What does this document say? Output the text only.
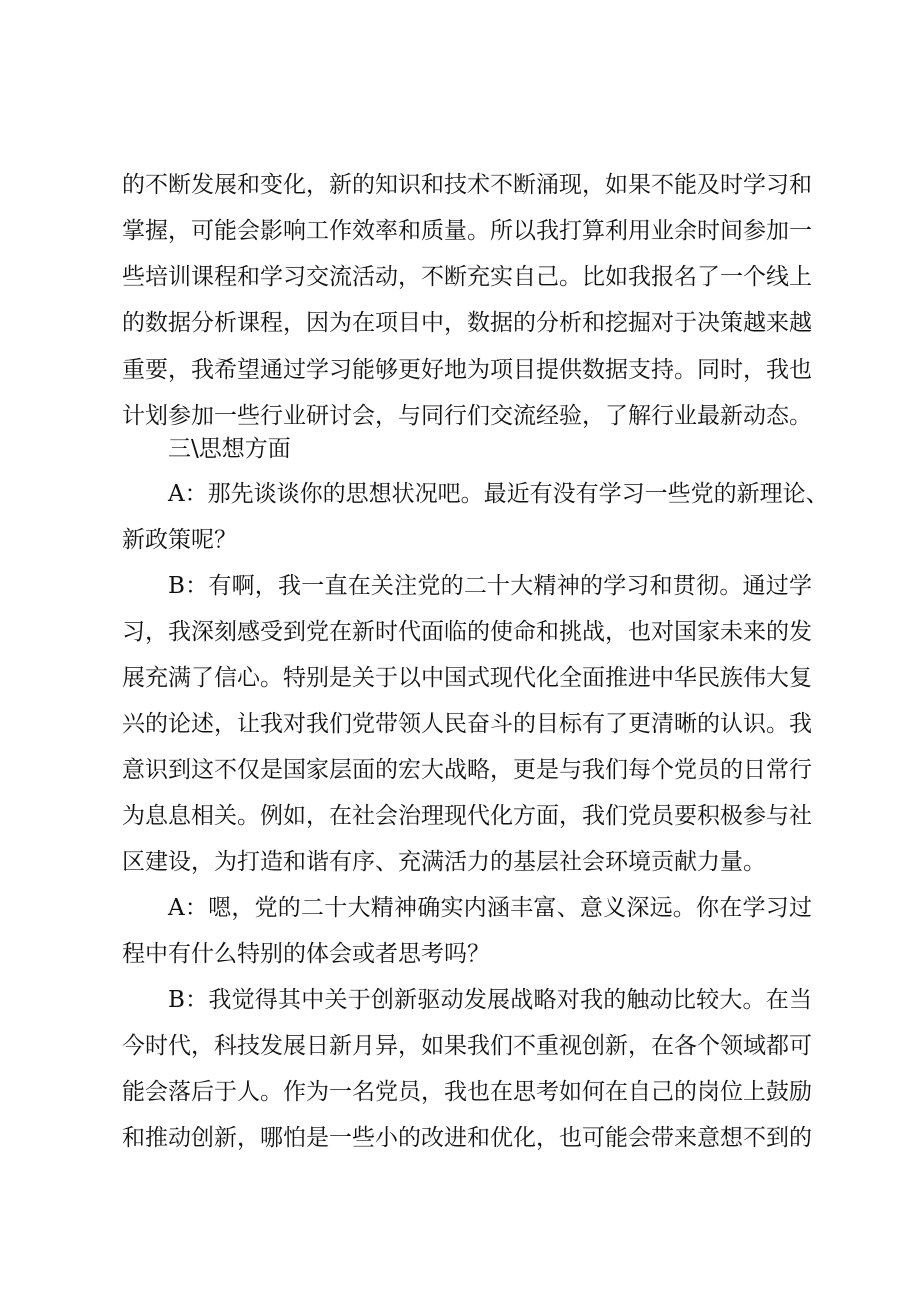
的不断发展和变化，新的知识和技术不断涌现，如果不能及时学习和
掌握，可能会影响工作效率和质量。所以我打算利用业余时间参加一
些培训课程和学习交流活动，不断充实自己。比如我报名了一个线上
的数据分析课程，因为在项目中，数据的分析和挖掘对于决策越来越
重要，我希望通过学习能够更好地为项目提供数据支持。同时，我也
计划参加一些行业研讨会，与同行们交流经验，了解行业最新动态。
三\思想方面
A：那先谈谈你的思想状况吧。最近有没有学习一些党的新理论、
新政策呢？
B：有啊，我一直在关注党的二十大精神的学习和贯彻。通过学
习，我深刻感受到党在新时代面临的使命和挑战，也对国家未来的发
展充满了信心。特别是关于以中国式现代化全面推进中华民族伟大复
兴的论述，让我对我们党带领人民奋斗的目标有了更清晰的认识。我
意识到这不仅是国家层面的宏大战略，更是与我们每个党员的日常行
为息息相关。例如，在社会治理现代化方面，我们党员要积极参与社
区建设，为打造和谐有序、充满活力的基层社会环境贡献力量。
A：嗯，党的二十大精神确实内涵丰富、意义深远。你在学习过
程中有什么特别的体会或者思考吗？
B：我觉得其中关于创新驱动发展战略对我的触动比较大。在当
今时代，科技发展日新月异，如果我们不重视创新，在各个领域都可
能会落后于人。作为一名党员，我也在思考如何在自己的岗位上鼓励
和推动创新，哪怕是一些小的改进和优化，也可能会带来意想不到的
